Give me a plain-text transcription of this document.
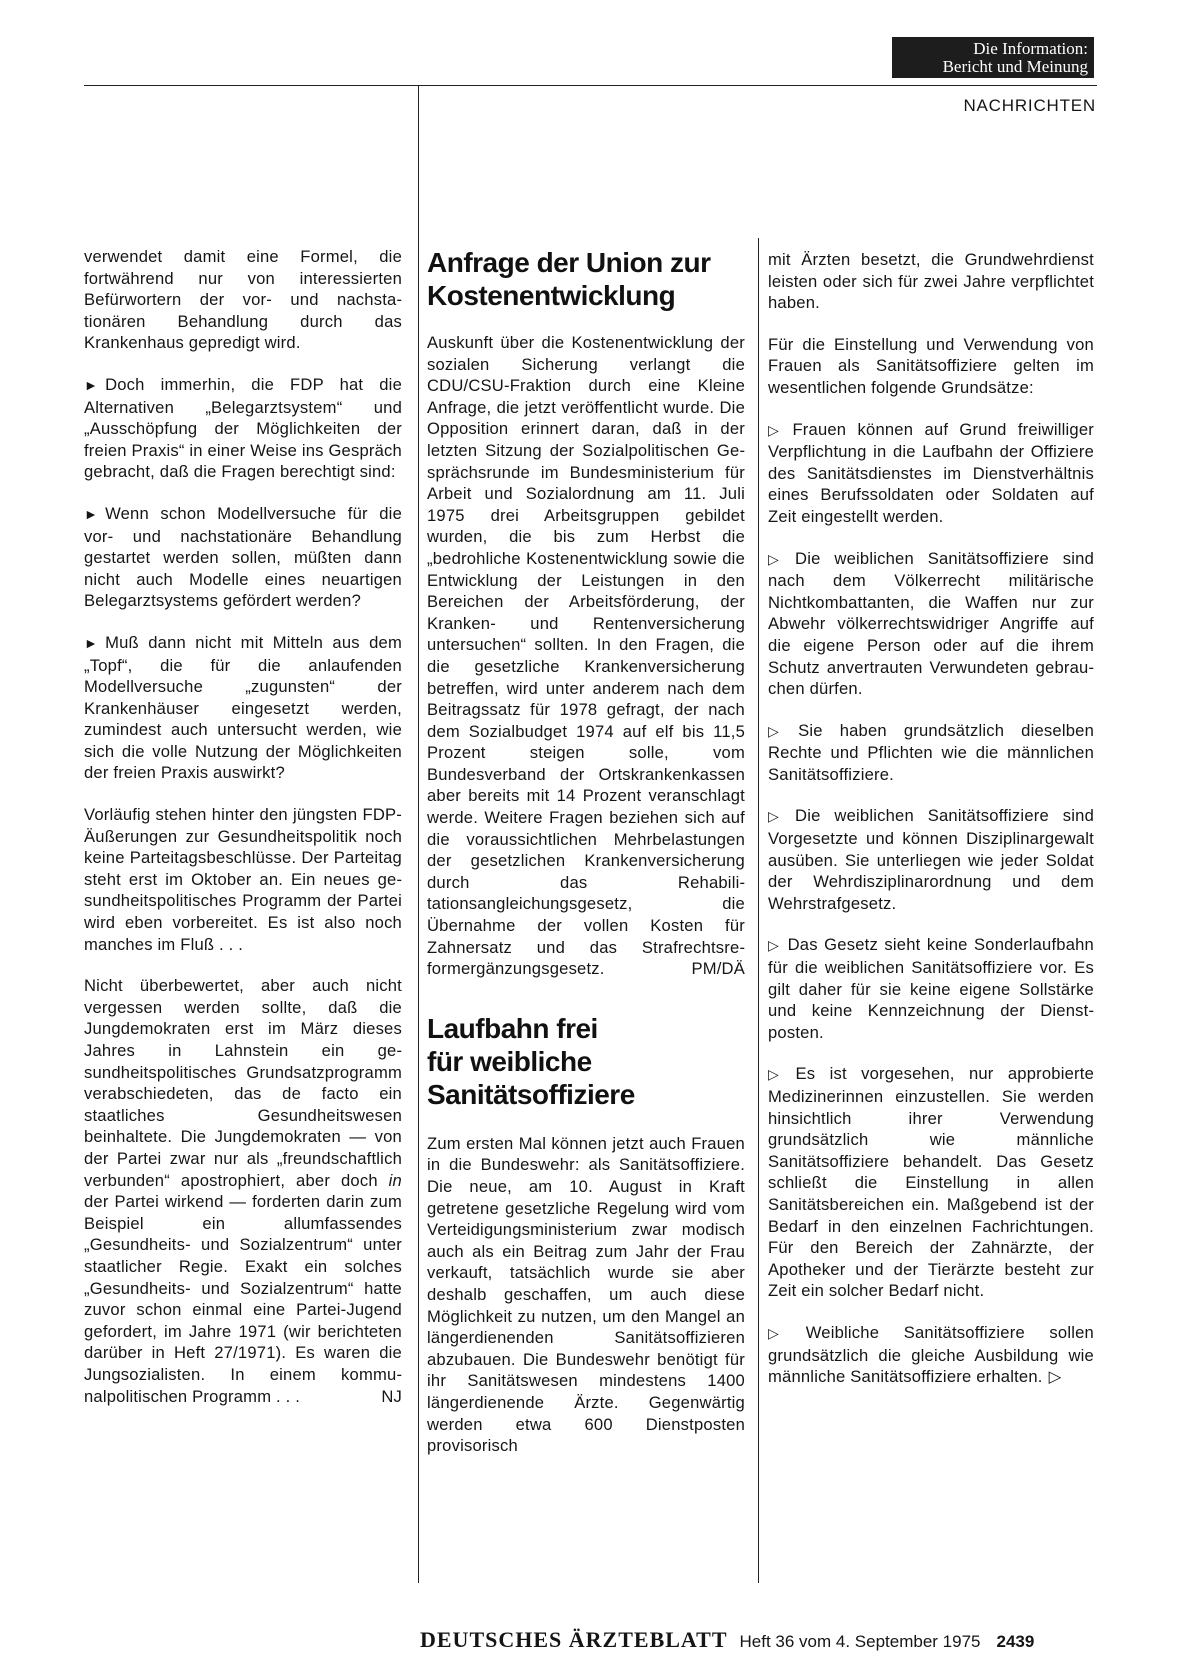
Die Information:
Bericht und Meinung

NACHRICHTEN

verwendet damit eine Formel, die fortwährend nur von interessierten Befürwortern der vor- und nachstationären Behandlung durch das Krankenhaus gepredigt wird.

► Doch immerhin, die FDP hat die Alternativen „Belegarztsystem“ und „Ausschöpfung der Möglichkeiten der freien Praxis“ in einer Weise ins Gespräch gebracht, daß die Fragen berechtigt sind:

► Wenn schon Modellversuche für die vor- und nachstationäre Behandlung gestartet werden sollen, müßten dann nicht auch Modelle eines neuartigen Belegarztsystems gefördert werden?

► Muß dann nicht mit Mitteln aus dem „Topf“, die für die anlaufenden Modellversuche „zugunsten“ der Krankenhäuser eingesetzt werden, zumindest auch untersucht werden, wie sich die volle Nutzung der Möglichkeiten der freien Praxis auswirkt?

Vorläufig stehen hinter den jüngsten FDP-Äußerungen zur Gesundheitspolitik noch keine Parteitagsbeschlüsse. Der Parteitag steht erst im Oktober an. Ein neues gesundheitspolitisches Programm der Partei wird eben vorbereitet. Es ist also noch manches im Fluß . . .

Nicht überbewertet, aber auch nicht vergessen werden sollte, daß die Jungdemokraten erst im März dieses Jahres in Lahnstein ein gesundheitspolitisches Grundsatzprogramm verabschiedeten, das de facto ein staatliches Gesundheitswesen beinhaltete. Die Jungdemokraten — von der Partei zwar nur als „freundschaftlich verbunden“ apostrophiert, aber doch in der Partei wirkend — forderten darin zum Beispiel ein allumfassendes „Gesundheits- und Sozialzentrum“ unter staatlicher Regie. Exakt ein solches „Gesundheits- und Sozialzentrum“ hatte zuvor schon einmal eine Partei-Jugend gefordert, im Jahre 1971 (wir berichteten darüber in Heft 27/1971). Es waren die Jungsozialisten. In einem kommunalpolitischen Programm . . .	NJ

Anfrage der Union zur
Kostenentwicklung

Auskunft über die Kostenentwicklung der sozialen Sicherung verlangt die CDU/CSU-Fraktion durch eine Kleine Anfrage, die jetzt veröffentlicht wurde. Die Opposition erinnert daran, daß in der letzten Sitzung der Sozialpolitischen Gesprächsrunde im Bundesministerium für Arbeit und Sozialordnung am 11. Juli 1975 drei Arbeitsgruppen gebildet wurden, die bis zum Herbst die „bedrohliche Kostenentwicklung sowie die Entwicklung der Leistungen in den Bereichen der Arbeitsförderung, der Kranken- und Rentenversicherung untersuchen“ sollten. In den Fragen, die die gesetzliche Krankenversicherung betreffen, wird unter anderem nach dem Beitragssatz für 1978 gefragt, der nach dem Sozialbudget 1974 auf elf bis 11,5 Prozent steigen solle, vom Bundesverband der Ortskrankenkassen aber bereits mit 14 Prozent veranschlagt werde. Weitere Fragen beziehen sich auf die voraussichtlichen Mehrbelastungen der gesetzlichen Krankenversicherung durch das Rehabilitationsangleichungsgesetz, die Übernahme der vollen Kosten für Zahnersatz und das Strafrechtsreformergänzungsgesetz.	PM/DÄ

Laufbahn frei
für weibliche
Sanitätsoffiziere

Zum ersten Mal können jetzt auch Frauen in die Bundeswehr: als Sanitätsoffiziere. Die neue, am 10. August in Kraft getretene gesetzliche Regelung wird vom Verteidigungsministerium zwar modisch auch als ein Beitrag zum Jahr der Frau verkauft, tatsächlich wurde sie aber deshalb geschaffen, um auch diese Möglichkeit zu nutzen, um den Mangel an längerdienenden Sanitätsoffizieren abzubauen. Die Bundeswehr benötigt für ihr Sanitätswesen mindestens 1400 längerdienende Ärzte. Gegenwärtig werden etwa 600 Dienstposten provisorisch

mit Ärzten besetzt, die Grundwehrdienst leisten oder sich für zwei Jahre verpflichtet haben.

Für die Einstellung und Verwendung von Frauen als Sanitätsoffiziere gelten im wesentlichen folgende Grundsätze:

▷ Frauen können auf Grund freiwilliger Verpflichtung in die Laufbahn der Offiziere des Sanitätsdienstes im Dienstverhältnis eines Berufssoldaten oder Soldaten auf Zeit eingestellt werden.

▷ Die weiblichen Sanitätsoffiziere sind nach dem Völkerrecht militärische Nichtkombattanten, die Waffen nur zur Abwehr völkerrechtswidriger Angriffe auf die eigene Person oder auf die ihrem Schutz anvertrauten Verwundeten gebrauchen dürfen.

▷ Sie haben grundsätzlich dieselben Rechte und Pflichten wie die männlichen Sanitätsoffiziere.

▷ Die weiblichen Sanitätsoffiziere sind Vorgesetzte und können Disziplinargewalt ausüben. Sie unterliegen wie jeder Soldat der Wehrdisziplinarordnung und dem Wehrstrafgesetz.

▷ Das Gesetz sieht keine Sonderlaufbahn für die weiblichen Sanitätsoffiziere vor. Es gilt daher für sie keine eigene Sollstärke und keine Kennzeichnung der Dienstposten.

▷ Es ist vorgesehen, nur approbierte Medizinerinnen einzustellen. Sie werden hinsichtlich ihrer Verwendung grundsätzlich wie männliche Sanitätsoffiziere behandelt. Das Gesetz schließt die Einstellung in allen Sanitätsbereichen ein. Maßgebend ist der Bedarf in den einzelnen Fachrichtungen. Für den Bereich der Zahnärzte, der Apotheker und der Tierärzte besteht zur Zeit ein solcher Bedarf nicht.

▷ Weibliche Sanitätsoffiziere sollen grundsätzlich die gleiche Ausbildung wie männliche Sanitätsoffiziere erhalten. ▷

DEUTSCHES ÄRZTEBLATT Heft 36 vom 4. September 1975 2439
